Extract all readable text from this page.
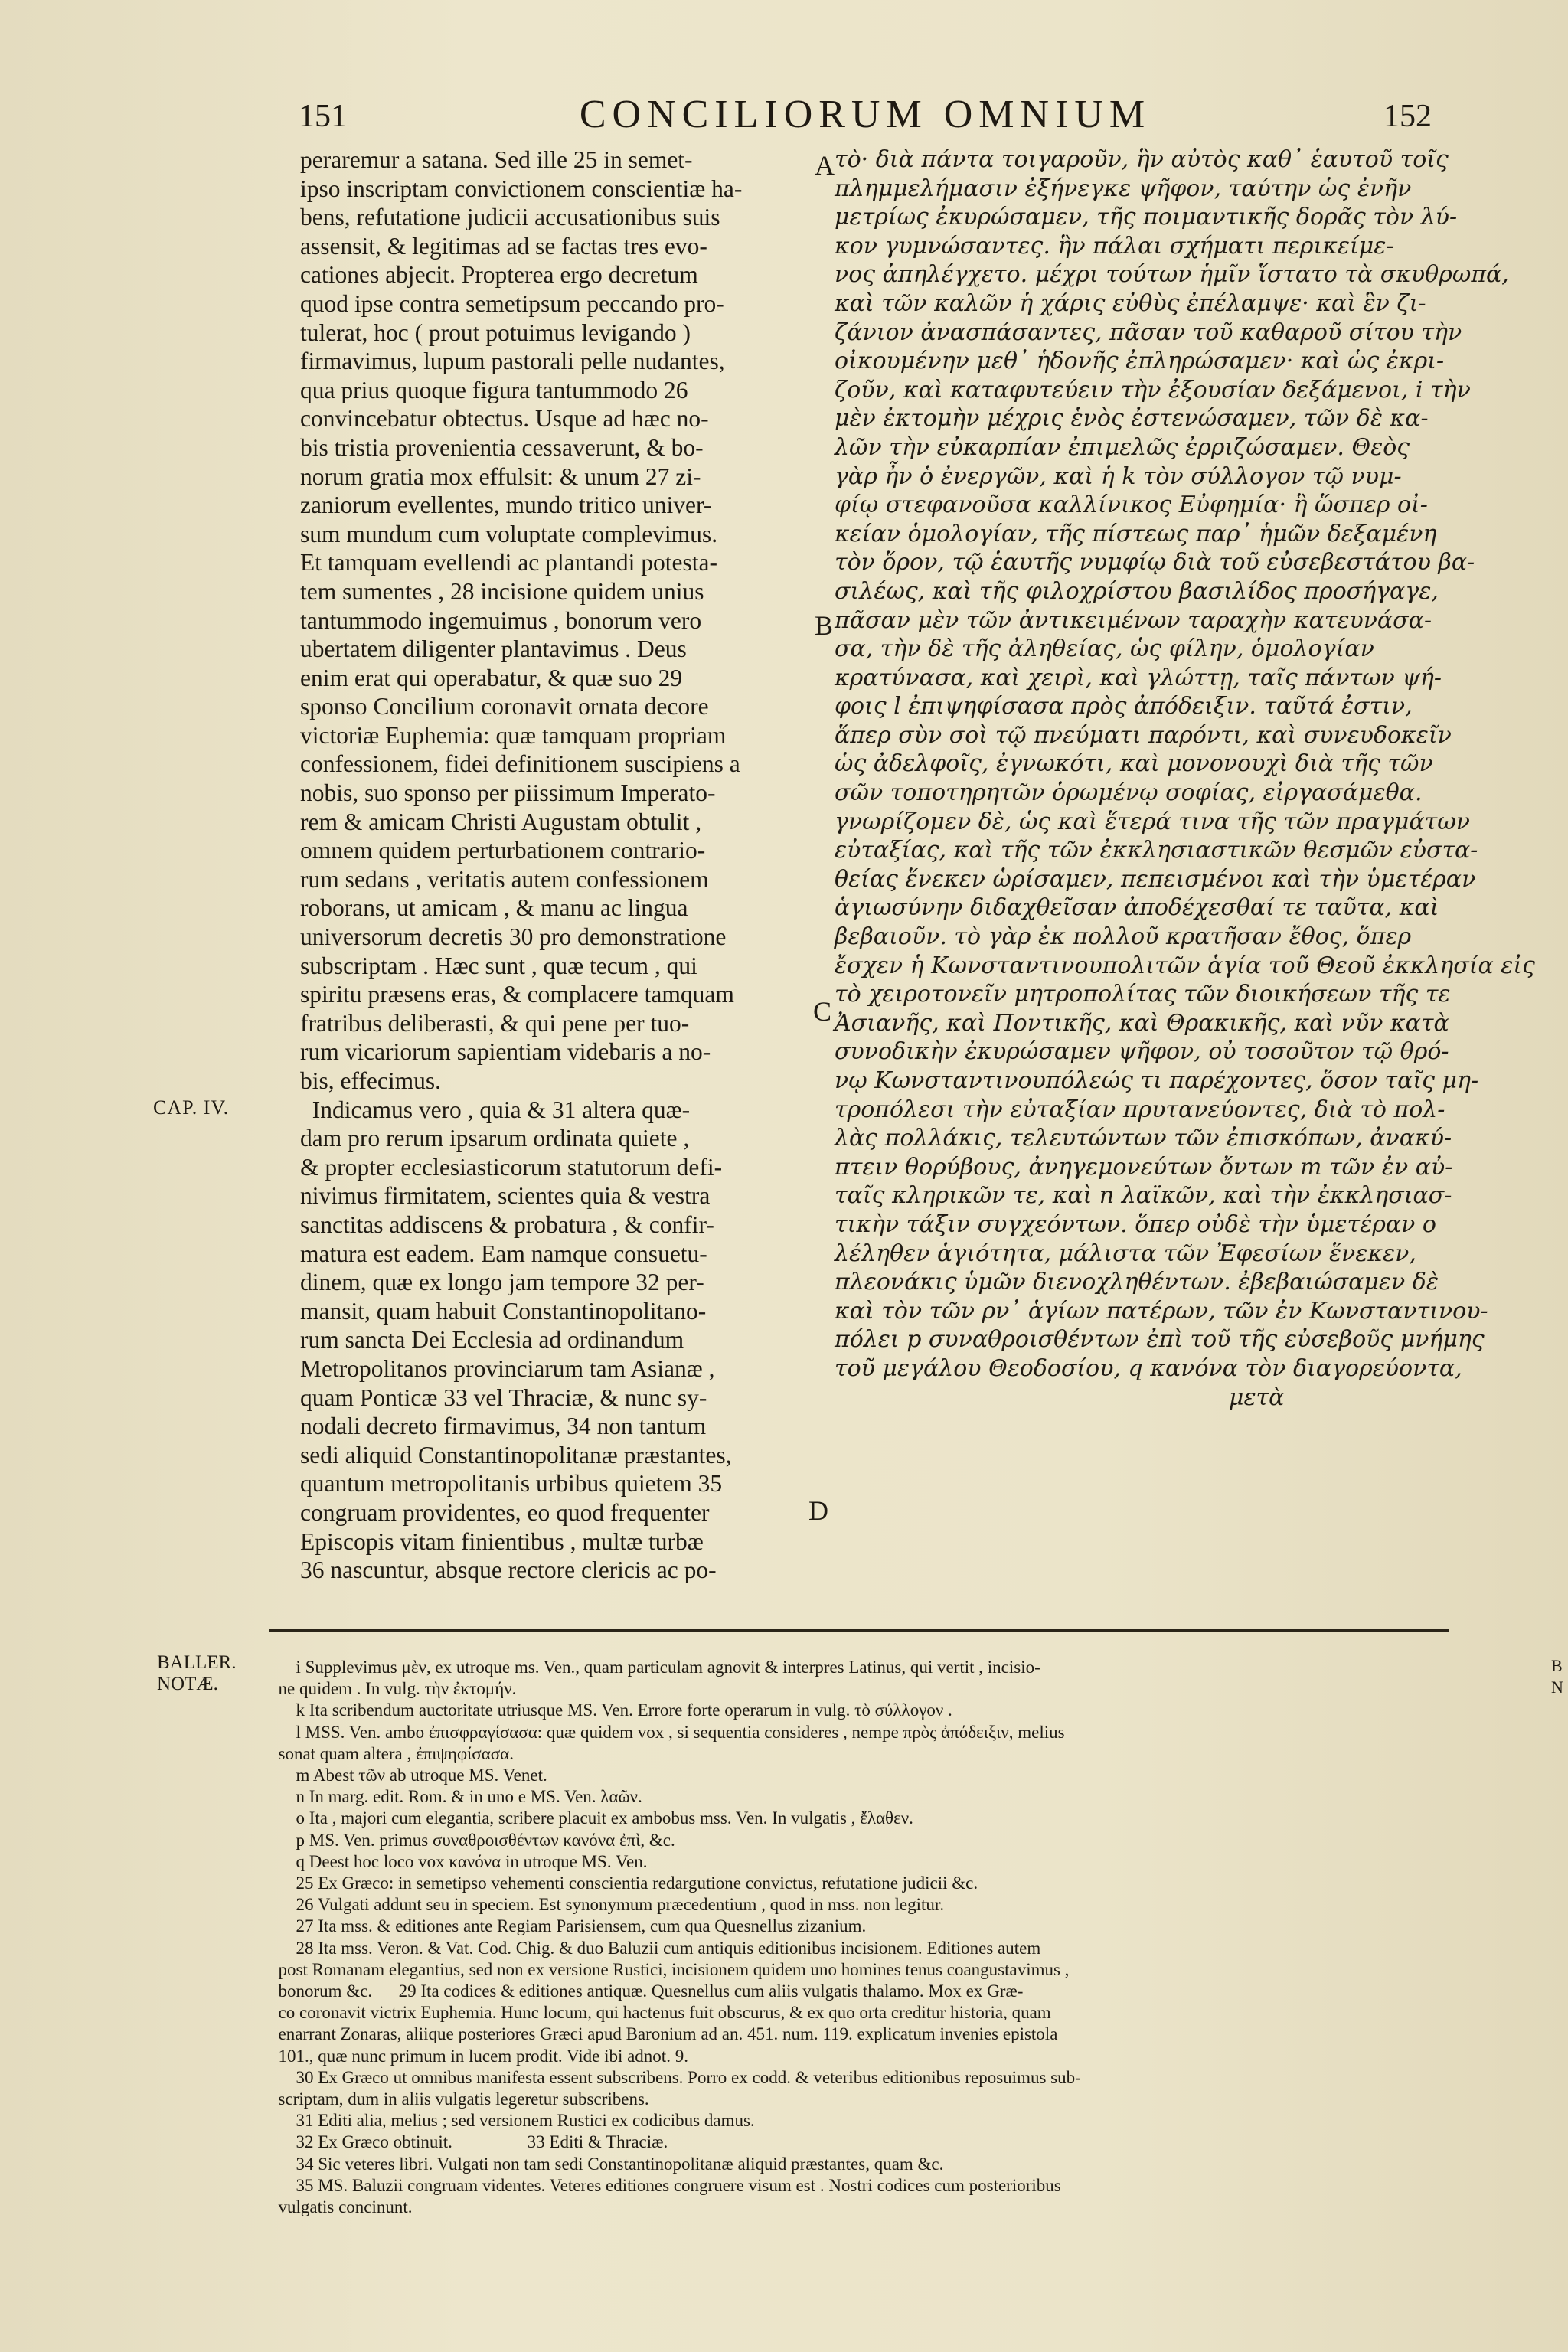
151	CONCILIORUM OMNIUM	152
peraremur a satana. Sed ille 25 in semet-
ipso inscriptam convictionem conscientiæ ha-
bens, refutatione judicii accusationibus suis
assensit, & legitimas ad se factas tres evo-
cationes abjecit. Propterea ergo decretum
quod ipse contra semetipsum peccando pro-
tulerat, hoc ( prout potuimus levigando )
firmavimus, lupum pastorali pelle nudantes,
qua prius quoque figura tantummodo 26
convincebatur obtectus. Usque ad hæc no-
bis tristia provenientia cessaverunt, & bo-
norum gratia mox effulsit: & unum 27 zi-
zaniorum evellentes, mundo tritico univer-
sum mundum cum voluptate complevimus.
Et tamquam evellendi ac plantandi potesta-
tem sumentes , 28 incisione quidem unius
tantummodo ingemuimus , bonorum vero
ubertatem diligenter plantavimus . Deus
enim erat qui operabatur, & quæ suo 29
sponso Concilium coronavit ornata decore
victoriæ Euphemia: quæ tamquam propriam
confessionem, fidei definitionem suscipiens a
nobis, suo sponso per piissimum Imperato-
rem & amicam Christi Augustam obtulit ,
omnem quidem perturbationem contrario-
rum sedans , veritatis autem confessionem
roborans, ut amicam , & manu ac lingua
universorum decretis 30 pro demonstratione
subscriptam . Hæc sunt , quæ tecum , qui
spiritu præsens eras, & complacere tamquam
fratribus deliberasti, & qui pene per tuo-
rum vicariorum sapientiam videbaris a no-
bis, effecimus.
Indicamus vero , quia & 31 altera quæ-
dam pro rerum ipsarum ordinata quiete ,
& propter ecclesiasticorum statutorum defi-
nivimus firmitatem, scientes quia & vestra
sanctitas addiscens & probatura , & confir-
matura est eadem. Eam namque consuetu-
dinem, quæ ex longo jam tempore 32 per-
mansit, quam habuit Constantinopolitano-
rum sancta Dei Ecclesia ad ordinandum
Metropolitanos provinciarum tam Asianæ ,
quam Ponticæ 33 vel Thraciæ, & nunc sy-
nodali decreto firmavimus, 34 non tantum
sedi aliquid Constantinopolitanæ præstantes,
quantum metropolitanis urbibus quietem 35
congruam providentes, eo quod frequenter
Episcopis vitam finientibus , multæ turbæ
36 nascuntur, absque rectore clericis ac po-
τὸ· διὰ πάντα τοιγαροῦν, ἣν αὐτὸς καθ᾽ ἑαυτοῦ τοῖς
πλημμελήμασιν ἐξήνεγκε ψῆφον, ταύτην ὡς ἐνῆν
μετρίως ἐκυρώσαμεν, τῆς ποιμαντικῆς δορᾶς τὸν λύ-
κον γυμνώσαντες. ἣν πάλαι σχήματι περικείμε-
νος ἀπηλέγχετο. μέχρι τούτων ἡμῖν ἵστατο τὰ σκυθρωπά,
καὶ τῶν καλῶν ἡ χάρις εὐθὺς ἐπέλαμψε· καὶ ἓν ζι-
ζάνιον ἀνασπάσαντες, πᾶσαν τοῦ καθαροῦ σίτου τὴν
οἰκουμένην μεθ᾽ ἡδονῆς ἐπληρώσαμεν· καὶ ὡς ἐκρι-
ζοῦν, καὶ καταφυτεύειν τὴν ἐξουσίαν δεξάμενοι, i τὴν
μὲν ἐκτομὴν μέχρις ἑνὸς ἐστενώσαμεν, τῶν δὲ κα-
λῶν τὴν εὐκαρπίαν ἐπιμελῶς ἐρριζώσαμεν. Θεὸς
γὰρ ἦν ὁ ἐνεργῶν, καὶ ἡ k τὸν σύλλογον τῷ νυμ-
φίῳ στεφανοῦσα καλλίνικος Εὐφημία· ἣ ὥσπερ οἰ-
κείαν ὁμολογίαν, τῆς πίστεως παρ᾽ ἡμῶν δεξαμένη
τὸν ὅρον, τῷ ἑαυτῆς νυμφίῳ διὰ τοῦ εὐσεβεστάτου βα-
σιλέως, καὶ τῆς φιλοχρίστου βασιλίδος προσήγαγε,
πᾶσαν μὲν τῶν ἀντικειμένων ταραχὴν κατευνάσα-
σα, τὴν δὲ τῆς ἀληθείας, ὡς φίλην, ὁμολογίαν
κρατύνασα, καὶ χειρὶ, καὶ γλώττῃ, ταῖς πάντων ψή-
φοις l ἐπιψηφίσασα πρὸς ἀπόδειξιν. ταῦτά ἐστιν,
ἅπερ σὺν σοὶ τῷ πνεύματι παρόντι, καὶ συνευδοκεῖν
ὡς ἀδελφοῖς, ἐγνωκότι, καὶ μονονουχὶ διὰ τῆς τῶν
σῶν τοποτηρητῶν ὁρωμένῳ σοφίας, εἰργασάμεθα.
γνωρίζομεν δὲ, ὡς καὶ ἕτερά τινα τῆς τῶν πραγμάτων
εὐταξίας, καὶ τῆς τῶν ἐκκλησιαστικῶν θεσμῶν εὐστα-
θείας ἕνεκεν ὡρίσαμεν, πεπεισμένοι καὶ τὴν ὑμετέραν
ἁγιωσύνην διδαχθεῖσαν ἀποδέχεσθαί τε ταῦτα, καὶ
βεβαιοῦν. τὸ γὰρ ἐκ πολλοῦ κρατῆσαν ἔθος, ὅπερ
ἔσχεν ἡ Κωνσταντινουπολιτῶν ἁγία τοῦ Θεοῦ ἐκκλησία εἰς
τὸ χειροτονεῖν μητροπολίτας τῶν διοικήσεων τῆς τε
Ἀσιανῆς, καὶ Ποντικῆς, καὶ Θρακικῆς, καὶ νῦν κατὰ
συνοδικὴν ἐκυρώσαμεν ψῆφον, οὐ τοσοῦτον τῷ θρό-
νῳ Κωνσταντινουπόλεώς τι παρέχοντες, ὅσον ταῖς μη-
τροπόλεσι τὴν εὐταξίαν πρυτανεύοντες, διὰ τὸ πολ-
λὰς πολλάκις, τελευτώντων τῶν ἐπισκόπων, ἀνακύ-
πτειν θορύβους, ἀνηγεμονεύτων ὄντων m τῶν ἐν αὐ-
ταῖς κληρικῶν τε, καὶ n λαϊκῶν, καὶ τὴν ἐκκλησιασ-
τικὴν τάξιν συγχεόντων. ὅπερ οὐδὲ τὴν ὑμετέραν o
λέληθεν ἁγιότητα, μάλιστα τῶν Ἐφεσίων ἕνεκεν,
πλεονάκις ὑμῶν διενοχληθέντων. ἐβεβαιώσαμεν δὲ
καὶ τὸν τῶν ρν᾽ ἁγίων πατέρων, τῶν ἐν Κωνσταντινου-
πόλει p συναθροισθέντων ἐπὶ τοῦ τῆς εὐσεβοῦς μνήμης
τοῦ μεγάλου Θεοδοσίου, q κανόνα τὸν διαγορεύοντα,
μετὰ
A
B
C
D
CAP. IV.
BALLER.
NOTÆ.
B
N
i Supplevimus μὲν, ex utroque ms. Ven., quam particulam agnovit & interpres Latinus, qui vertit , incisio-
ne quidem . In vulg. τὴν ἐκτομήν.
k Ita scribendum auctoritate utriusque MS. Ven. Errore forte operarum in vulg. τὸ σύλλογον .
l MSS. Ven. ambo ἐπισφραγίσασα: quæ quidem vox , si sequentia consideres , nempe πρὸς ἀπόδειξιν, melius
sonat quam altera , ἐπιψηφίσασα.
m Abest τῶν ab utroque MS. Venet.
n In marg. edit. Rom. & in uno e MS. Ven. λαῶν.
o Ita , majori cum elegantia, scribere placuit ex ambobus mss. Ven. In vulgatis , ἔλαθεν.
p MS. Ven. primus συναθροισθέντων κανόνα ἐπὶ, &c.
q Deest hoc loco vox κανόνα in utroque MS. Ven.
25 Ex Græco: in semetipso vehementi conscientia redargutione convictus, refutatione judicii &c.
26 Vulgati addunt seu in speciem. Est synonymum præcedentium , quod in mss. non legitur.
27 Ita mss. & editiones ante Regiam Parisiensem, cum qua Quesnellus zizanium.
28 Ita mss. Veron. & Vat. Cod. Chig. & duo Baluzii cum antiquis editionibus incisionem. Editiones autem
post Romanam elegantius, sed non ex versione Rustici, incisionem quidem uno homines tenus coangustavimus ,
bonorum &c.      29 Ita codices & editiones antiquæ. Quesnellus cum aliis vulgatis thalamo. Mox ex Græ-
co coronavit victrix Euphemia. Hunc locum, qui hactenus fuit obscurus, & ex quo orta creditur historia, quam
enarrant Zonaras, aliique posteriores Græci apud Baronium ad an. 451. num. 119. explicatum invenies epistola
101., quæ nunc primum in lucem prodit. Vide ibi adnot. 9.
30 Ex Græco ut omnibus manifesta essent subscribens. Porro ex codd. & veteribus editionibus reposuimus sub-
scriptam, dum in aliis vulgatis legeretur subscribens.
31 Editi alia, melius ; sed versionem Rustici ex codicibus damus.
32 Ex Græco obtinuit.                 33 Editi & Thraciæ.
34 Sic veteres libri. Vulgati non tam sedi Constantinopolitanæ aliquid præstantes, quam &c.
35 MS. Baluzii congruam videntes. Veteres editiones congruere visum est . Nostri codices cum posterioribus
vulgatis concinunt.
